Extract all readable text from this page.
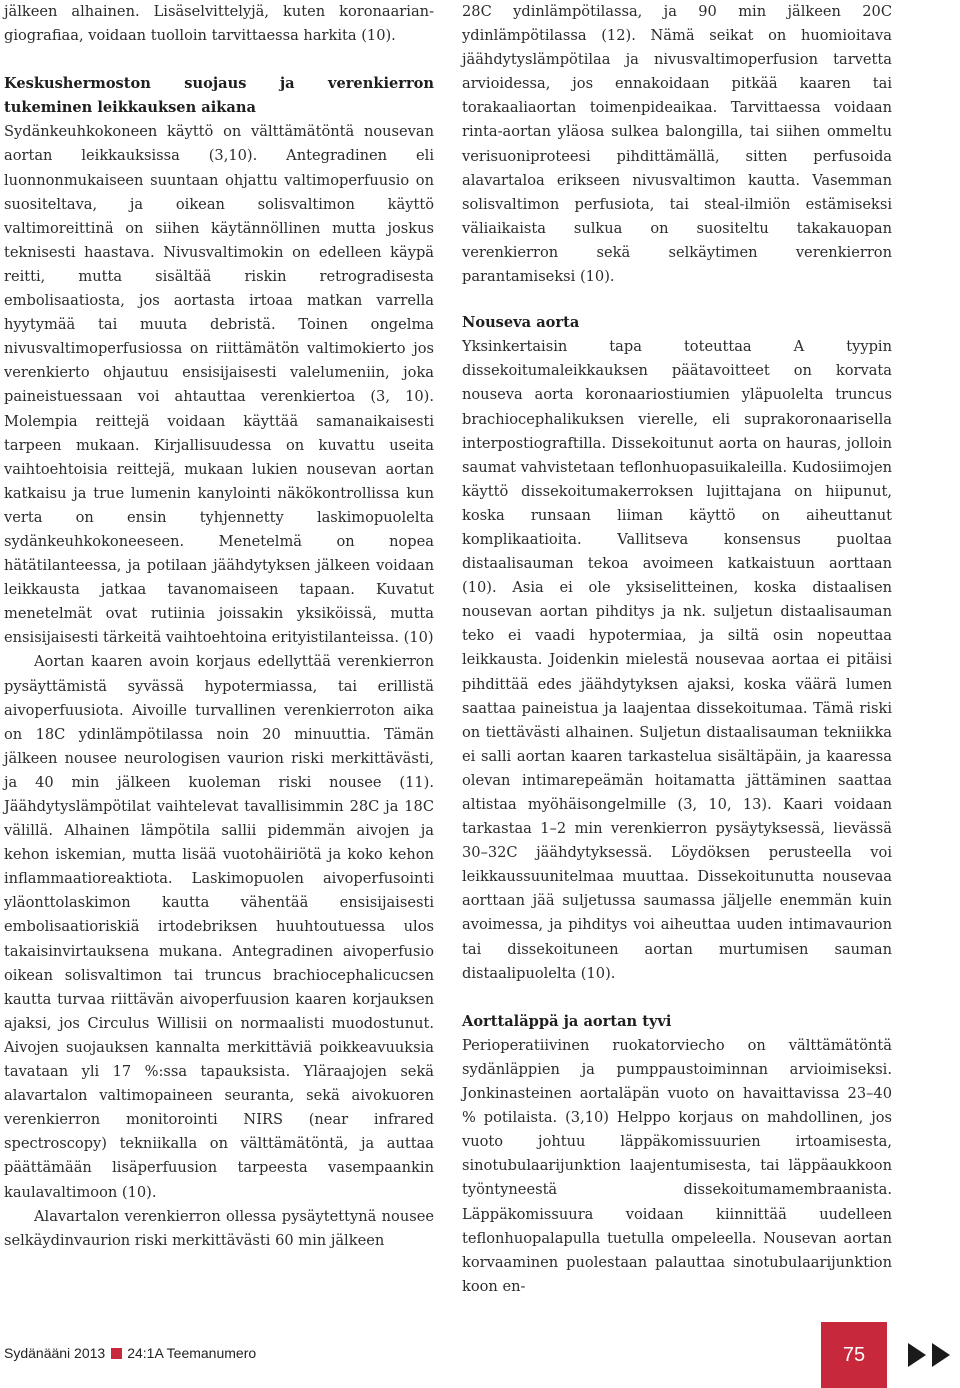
jälkeen alhainen. Lisäselvittelyjä, kuten koronaariangiografiaa, voidaan tuolloin tarvittaessa harkita (10).

Keskushermoston suojaus ja verenkierron tukeminen leikkauksen aikana

Sydänkeuhkokoneen käyttö on välttämätöntä nousevan aortan leikkauksissa (3,10). Antegradinen eli luonnonmukaiseen suuntaan ohjattu valtimoperfuusio on suositeltava, ja oikean solisvaltimon käyttö valtimoreittinä on siihen käytännöllinen mutta joskus teknisesti haastava. Nivusvaltimokin on edelleen käypä reitti, mutta sisältää riskin retrogradisesta embolisaatiosta, jos aortasta irtoaa matkan varrella hyytymää tai muuta debristä. Toinen ongelma nivusvaltimoperfusiossa on riittämätön valtimokierto jos verenkierto ohjautuu ensisijaisesti valelumeniin, joka paineistuessaan voi ahtauttaa verenkiertoa (3, 10). Molempia reittejä voidaan käyttää samanaikaisesti tarpeen mukaan. Kirjallisuudessa on kuvattu useita vaihtoehtoisia reittejä, mukaan lukien nousevan aortan katkaisu ja true lumenin kanylointi näkökontrollissa kun verta on ensin tyhjennetty laskimopuolelta sydänkeuhkokoneeseen. Menetelmä on nopea hätätilanteessa, ja potilaan jäähdytyksen jälkeen voidaan leikkausta jatkaa tavanomaiseen tapaan. Kuvatut menetelmät ovat rutiinia joissakin yksiköissä, mutta ensisijaisesti tärkeitä vaihtoehtoina erityistilanteissa. (10)

Aortan kaaren avoin korjaus edellyttää verenkierron pysäyttämistä syvässä hypotermiassa, tai erillistä aivoperfuusiota. Aivoille turvallinen verenkierroton aika on 18C ydinlämpötilassa noin 20 minuuttia. Tämän jälkeen nousee neurologisen vaurion riski merkittävästi, ja 40 min jälkeen kuoleman riski nousee (11). Jäähdytyslämpötilat vaihtelevat tavallisimmin 28C ja 18C välillä. Alhainen lämpötila sallii pidemmän aivojen ja kehon iskemian, mutta lisää vuotohäiriötä ja koko kehon inflammaatioreaktiota. Laskimopuolen aivoperfusointi yläonttolaskimon kautta vähentää ensisijaisesti embolisaatioriskiä irtodebriksen huuhtoutuessa ulos takaisinvirtauksena mukana. Antegradinen aivoperfusio oikean solisvaltimon tai truncus brachiocephalicucsen kautta turvaa riittävän aivoperfuusion kaaren korjauksen ajaksi, jos Circulus Willisii on normaalisti muodostunut. Aivojen suojauksen kannalta merkittäviä poikkeavuuksia tavataan yli 17 %:ssa tapauksista. Yläraajojen sekä alavartalon valtimopaineen seuranta, sekä aivokuoren verenkierron monitorointi NIRS (near infrared spectroscopy) tekniikalla on välttämätöntä, ja auttaa päättämään lisäperfuusion tarpeesta vasempaankin kaulavaltimoon (10).

Alavartalon verenkierron ollessa pysäytettynä nousee selkäydinvaurion riski merkittävästi 60 min jälkeen

28C ydinlämpötilassa, ja 90 min jälkeen 20C ydinlämpötilassa (12). Nämä seikat on huomioitava jäähdytyslämpötilaa ja nivusvaltimoperfusion tarvetta arvioidessa, jos ennakoidaan pitkää kaaren tai torakaaliaortan toimenpideaikaa. Tarvittaessa voidaan rinta-aortan yläosa sulkea balongilla, tai siihen ommeltu verisuoniproteesi pihdittämällä, sitten perfusoida alavartaloa erikseen nivusvaltimon kautta. Vasemman solisvaltimon perfusiota, tai steal-ilmiön estämiseksi väliaikaista sulkua on suositeltu takakauopan verenkierron sekä selkäytimen verenkierron parantamiseksi (10).

Nouseva aorta

Yksinkertaisin tapa toteuttaa A tyypin dissekoitumaleikkauksen päätavoitteet on korvata nouseva aorta koronaariostiumien yläpuolelta truncus brachiocephalikuksen vierelle, eli suprakoronaarisella interpostiograftilla. Dissekoitunut aorta on hauras, jolloin saumat vahvistetaan teflonhuopasuikaleilla. Kudosiimojen käyttö dissekoitumakerroksen lujittajana on hiipunut, koska runsaan liiman käyttö on aiheuttanut komplikaatioita. Vallitseva konsensus puoltaa distaalisauman tekoa avoimeen katkaistuun aorttaan (10). Asia ei ole yksiselitteinen, koska distaalisen nousevan aortan pihditys ja nk. suljetun distaalisauman teko ei vaadi hypotermiaa, ja siltä osin nopeuttaa leikkausta. Joidenkin mielestä nousevaa aortaa ei pitäisi pihdittää edes jäähdytyksen ajaksi, koska väärä lumen saattaa paineistua ja laajentaa dissekoitumaa. Tämä riski on tiettävästi alhainen. Suljetun distaalisauman tekniikka ei salli aortan kaaren tarkastelua sisältäpäin, ja kaaressa olevan intimarepeämän hoitamatta jättäminen saattaa altistaa myöhäisongelmille (3, 10, 13). Kaari voidaan tarkastaa 1–2 min verenkierron pysäytyksessä, lievässä 30–32C jäähdytyksessä. Löydöksen perusteella voi leikkaussuunitelmaa muuttaa. Dissekoitunutta nousevaa aorttaan jää suljetussa saumassa jäljelle enemmän kuin avoimessa, ja pihditys voi aiheuttaa uuden intimavaurion tai dissekoituneen aortan murtumisen sauman distaalipuolelta (10).

Aorttaläppä ja aortan tyvi

Perioperatiivinen ruokatorviecho on välttämätöntä sydänläppien ja pumppaustoiminnan arvioimiseksi. Jonkinasteinen aortaläpän vuoto on havaittavissa 23–40 % potilaista. (3,10) Helppo korjaus on mahdollinen, jos vuoto johtuu läppäkomissuurien irtoamisesta, sinotubulaarijunktion laajentumisesta, tai läppäaukkoon työntyneestä dissekoitumamembraanista. Läppäkomissuura voidaan kiinnittää uudelleen teflonhuopalapulla tuetulla ompeleella. Nousevan aortan korvaaminen puolestaan palauttaa sinotubulaarijunktion koon en-

Sydänääni 2013 24:1A Teemanumero	75
